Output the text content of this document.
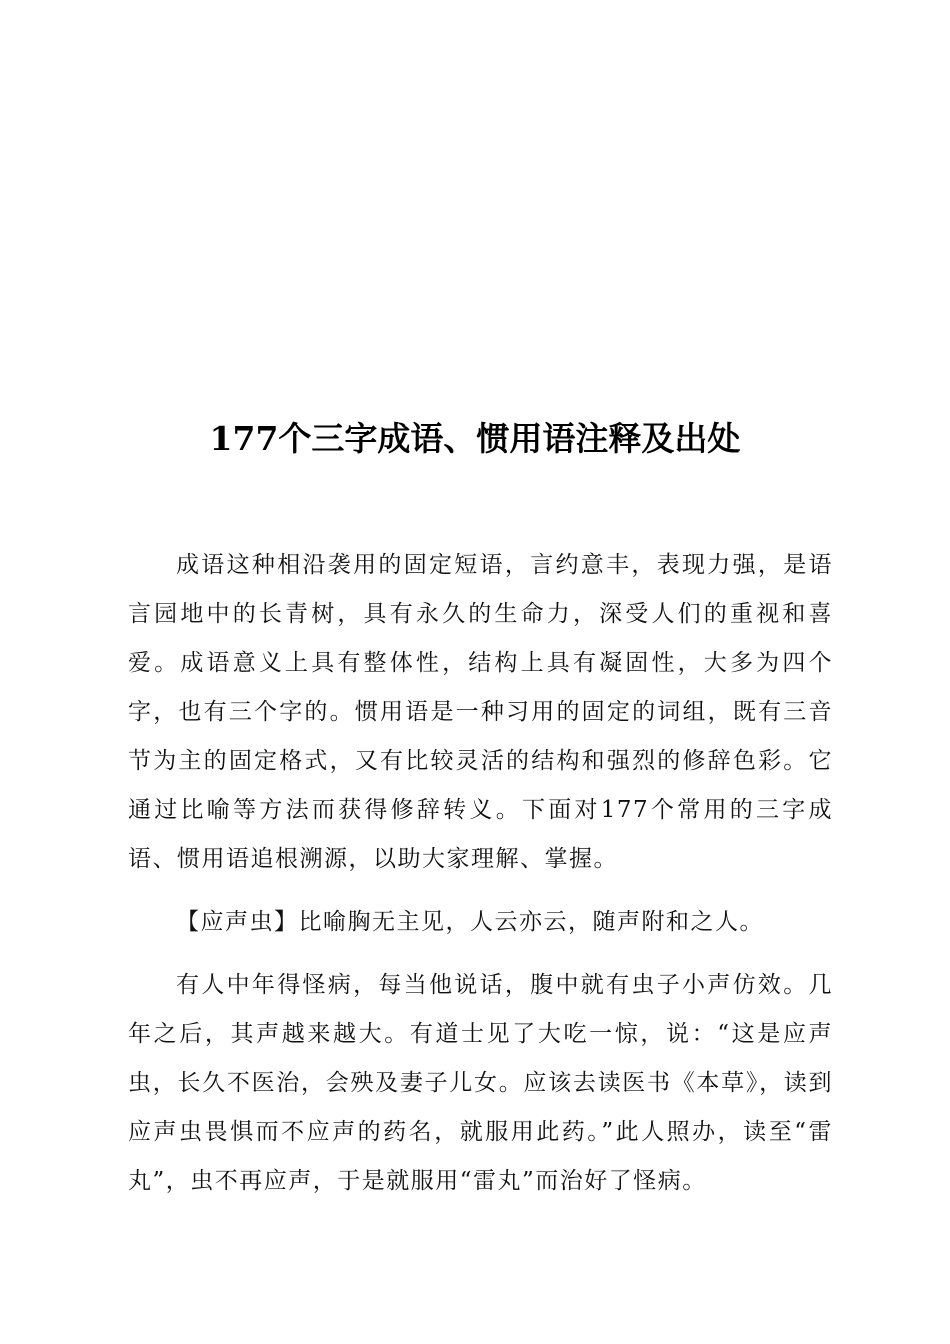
177个三字成语、惯用语注释及出处

成语这种相沿袭用的固定短语，言约意丰，表现力强，是语言园地中的长青树，具有永久的生命力，深受人们的重视和喜爱。成语意义上具有整体性，结构上具有凝固性，大多为四个字，也有三个字的。惯用语是一种习用的固定的词组，既有三音节为主的固定格式，又有比较灵活的结构和强烈的修辞色彩。它通过比喻等方法而获得修辞转义。下面对177个常用的三字成语、惯用语追根溯源，以助大家理解、掌握。

【应声虫】比喻胸无主见，人云亦云，随声附和之人。

有人中年得怪病，每当他说话，腹中就有虫子小声仿效。几年之后，其声越来越大。有道士见了大吃一惊，说：“这是应声虫，长久不医治，会殃及妻子儿女。应该去读医书《本草》，读到应声虫畏惧而不应声的药名，就服用此药。”此人照办，读至“雷丸”，虫不再应声，于是就服用“雷丸”而治好了怪病。
